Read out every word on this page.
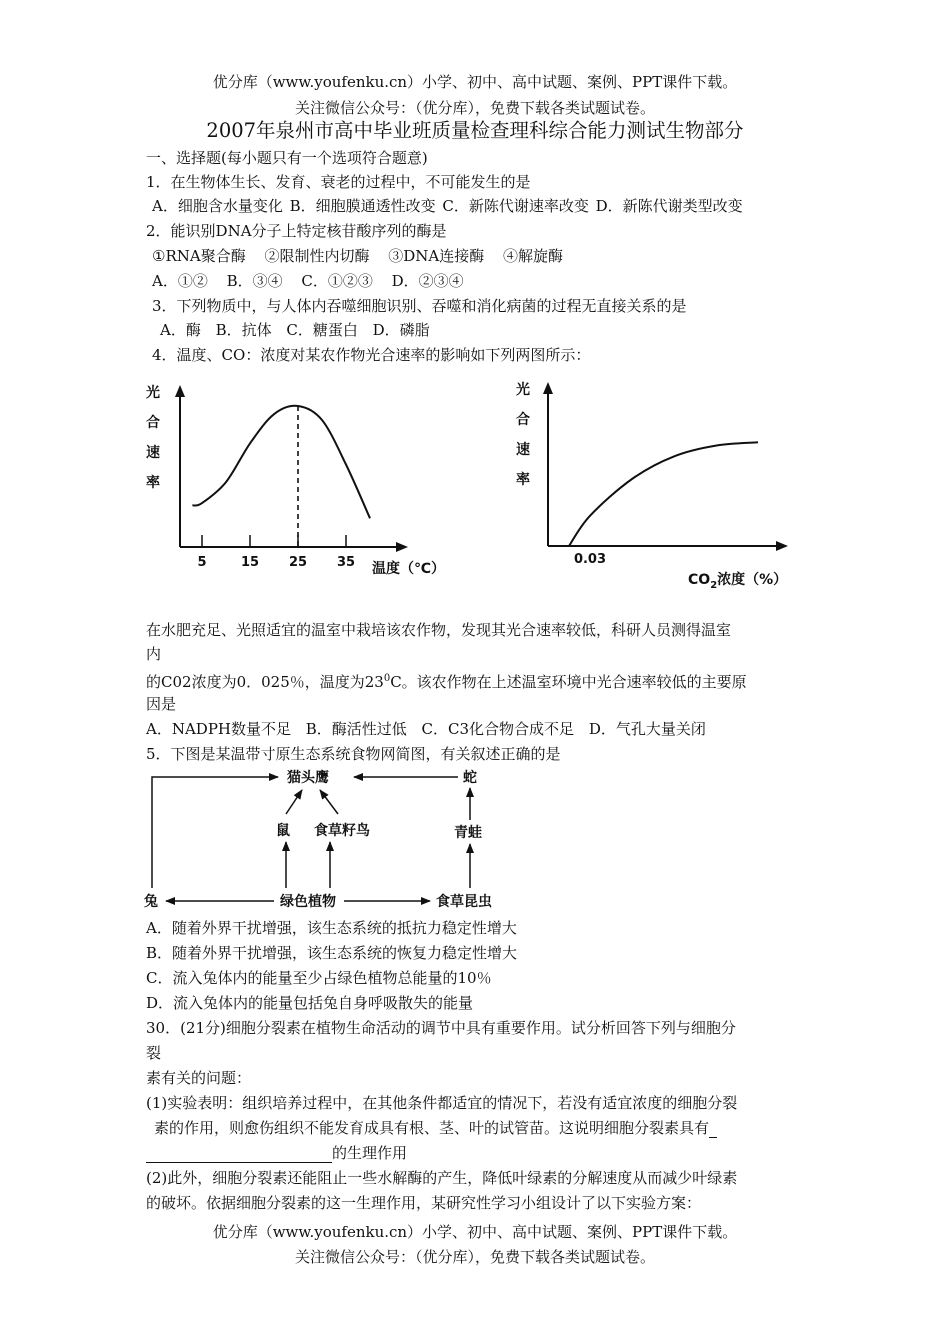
优分库（www.youfenku.cn）小学、初中、高中试题、案例、PPT课件下载。
关注微信公众号：（优分库），免费下载各类试题试卷。
2007年泉州市高中毕业班质量检查理科综合能力测试生物部分
一、选择题(每小题只有一个选项符合题意)
1．在生物体生长、发育、衰老的过程中，不可能发生的是
A．细胞含水量变化 B．细胞膜通透性改变 C．新陈代谢速率改变 D．新陈代谢类型改变
2．能识别DNA分子上特定核苷酸序列的酶是
①RNA聚合酶 ②限制性内切酶 ③DNA连接酶 ④解旋酶
A．①② B．③④ C．①②③ D．②③④
3．下列物质中，与人体内吞噬细胞识别、吞噬和消化病菌的过程无直接关系的是
A．酶 B．抗体 C．糖蛋白 D．磷脂
4．温度、CO：浓度对某农作物光合速率的影响如下列两图所示：
光
合
速
率
5	15 25 35 温度（℃）
光
合
速
率
0.03
$CO_2$浓度（%）
在水肥充足、光照适宜的温室中栽培该农作物，发现其光合速率较低，科研人员测得温室
内
的C02浓度为0．025％，温度为$23^0C$。该农作物在上述温室环境中光合速率较低的主要原
因是
A．NADPH数量不足 B．酶活性过低 C．C3化合物合成不足 D．气孔大量关闭
5．下图是某温带寸原生态系统食物网简图，有关叙述正确的是
猫头鹰	蛇
鼠 食草籽鸟	青蛙
兔	绿色植物	食草昆虫
A．随着外界干扰增强，该生态系统的抵抗力稳定性增大
B．随着外界干扰增强，该生态系统的恢复力稳定性增大
C．流入兔体内的能量至少占绿色植物总能量的10％
D．流入兔体内的能量包括兔自身呼吸散失的能量
30．(21分)细胞分裂素在植物生命活动的调节中具有重要作用。试分析回答下列与细胞分
裂
素有关的问题：
(1)实验表明：组织培养过程中，在其他条件都适宜的情况下，若没有适宜浓度的细胞分裂
素的作用，则愈伤组织不能发育成具有根、茎、叶的试管苗。这说明细胞分裂素具有
的生理作用
(2)此外，细胞分裂素还能阻止一些水解酶的产生，降低叶绿素的分解速度从而减少叶绿素
的破坏。依据细胞分裂素的这一生理作用，某研究性学习小组设计了以下实验方案：
优分库（www.youfenku.cn）小学、初中、高中试题、案例、PPT课件下载。
关注微信公众号：（优分库），免费下载各类试题试卷。
